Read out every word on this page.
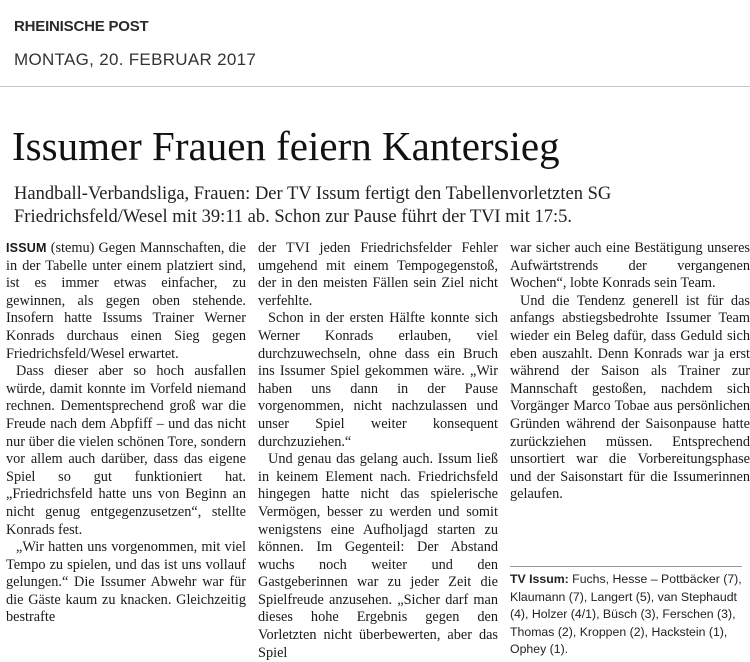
RHEINISCHE POST
MONTAG, 20. FEBRUAR 2017
Issumer Frauen feiern Kantersieg
Handball-Verbandsliga, Frauen: Der TV Issum fertigt den Tabellenvorletzten SG Friedrichsfeld/Wesel mit 39:11 ab. Schon zur Pause führt der TVI mit 17:5.

ISSUM (stemu) Gegen Mannschaften, die in der Tabelle unter einem platziert sind, ist es immer etwas einfacher, zu gewinnen, als gegen oben stehende. Insofern hatte Issums Trainer Werner Konrads durchaus einen Sieg gegen Friedrichsfeld/Wesel erwartet.

Dass dieser aber so hoch ausfallen würde, damit konnte im Vorfeld niemand rechnen. Dementsprechend groß war die Freude nach dem Abpfiff – und das nicht nur über die vielen schönen Tore, sondern vor allem auch darüber, dass das eigene Spiel so gut funktioniert hat. „Friedrichsfeld hatte uns von Beginn an nicht genug entgegenzusetzen“, stellte Konrads fest.

„Wir hatten uns vorgenommen, mit viel Tempo zu spielen, und das ist uns vollauf gelungen.“ Die Issumer Abwehr war für die Gäste kaum zu knacken. Gleichzeitig bestrafte

der TVI jeden Friedrichsfelder Fehler umgehend mit einem Tempogegenstoß, der in den meisten Fällen sein Ziel nicht verfehlte.

Schon in der ersten Hälfte konnte sich Werner Konrads erlauben, viel durchzuwechseln, ohne dass ein Bruch ins Issumer Spiel gekommen wäre. „Wir haben uns dann in der Pause vorgenommen, nicht nachzulassen und unser Spiel weiter konsequent durchzuziehen.“

Und genau das gelang auch. Issum ließ in keinem Element nach. Friedrichsfeld hingegen hatte nicht das spielerische Vermögen, besser zu werden und somit wenigstens eine Aufholjagd starten zu können. Im Gegenteil: Der Abstand wuchs noch weiter und den Gastgeberinnen war zu jeder Zeit die Spielfreude anzusehen. „Sicher darf man dieses hohe Ergebnis gegen den Vorletzten nicht überbewerten, aber das Spiel

war sicher auch eine Bestätigung unseres Aufwärtstrends der vergangenen Wochen“, lobte Konrads sein Team.

Und die Tendenz generell ist für das anfangs abstiegsbedrohte Issumer Team wieder ein Beleg dafür, dass Geduld sich eben auszahlt. Denn Konrads war ja erst während der Saison als Trainer zur Mannschaft gestoßen, nachdem sich Vorgänger Marco Tobae aus persönlichen Gründen während der Saisonpause hatte zurückziehen müssen. Entsprechend unsortiert war die Vorbereitungsphase und der Saisonstart für die Issumerinnen gelaufen.

TV Issum: Fuchs, Hesse – Pottbäcker (7), Klaumann (7), Langert (5), van Stephaudt (4), Holzer (4/1), Büsch (3), Ferschen (3), Thomas (2), Kroppen (2), Hackstein (1), Ophey (1).
